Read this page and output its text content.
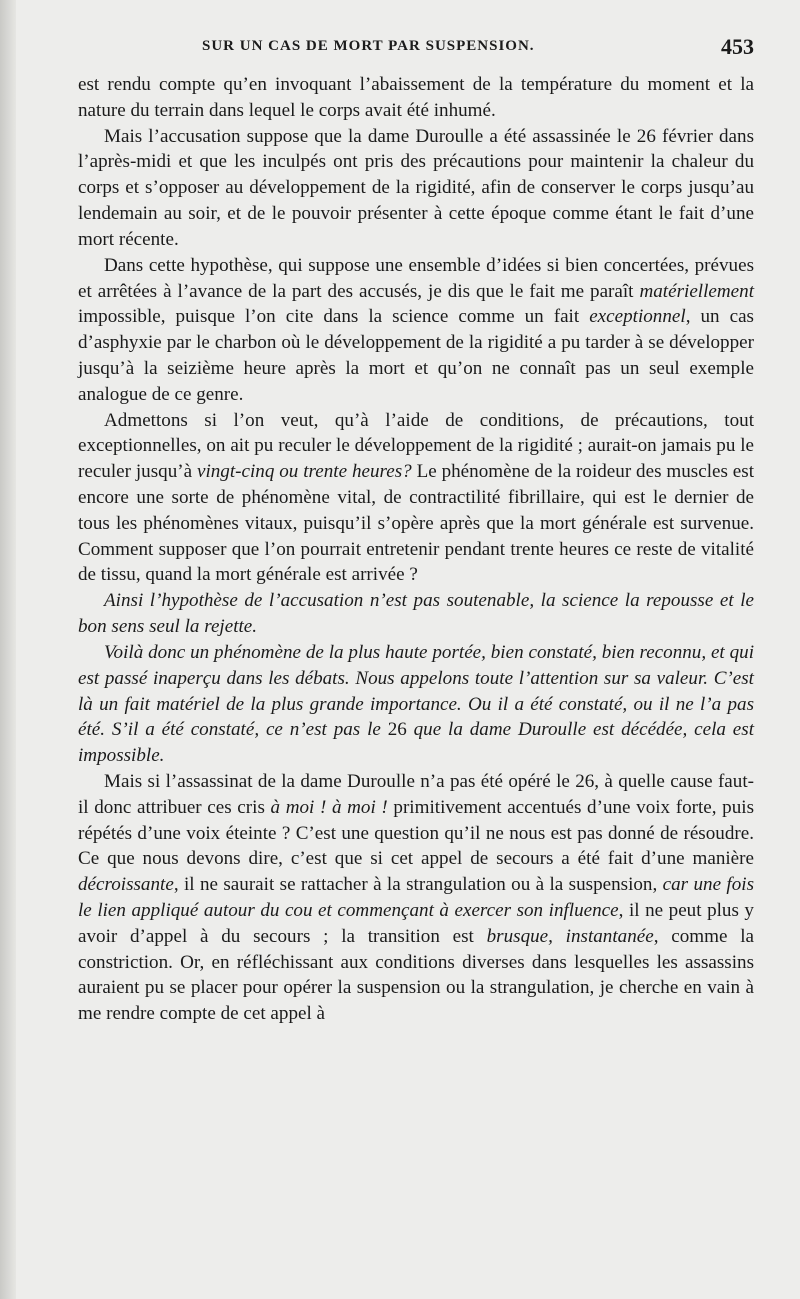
SUR UN CAS DE MORT PAR SUSPENSION.	453

est rendu compte qu’en invoquant l’abaissement de la température du moment et la nature du terrain dans lequel le corps avait été inhumé.

Mais l’accusation suppose que la dame Duroulle a été assassinée le 26 février dans l’après-midi et que les inculpés ont pris des précautions pour maintenir la chaleur du corps et s’opposer au développement de la rigidité, afin de conserver le corps jusqu’au lendemain au soir, et de le pouvoir présenter à cette époque comme étant le fait d’une mort récente.

Dans cette hypothèse, qui suppose une ensemble d’idées si bien concertées, prévues et arrêtées à l’avance de la part des accusés, je dis que le fait me paraît matériellement impossible, puisque l’on cite dans la science comme un fait exceptionnel, un cas d’asphyxie par le charbon où le développement de la rigidité a pu tarder à se développer jusqu’à la seizième heure après la mort et qu’on ne connaît pas un seul exemple analogue de ce genre.

Admettons si l’on veut, qu’à l’aide de conditions, de précautions, tout exceptionnelles, on ait pu reculer le développement de la rigidité ; aurait-on jamais pu le reculer jusqu’à vingt-cinq ou trente heures? Le phénomène de la roideur des muscles est encore une sorte de phénomène vital, de contractilité fibrillaire, qui est le dernier de tous les phénomènes vitaux, puisqu’il s’opère après que la mort générale est survenue. Comment supposer que l’on pourrait entretenir pendant trente heures ce reste de vitalité de tissu, quand la mort générale est arrivée ?

Ainsi l’hypothèse de l’accusation n’est pas soutenable, la science la repousse et le bon sens seul la rejette.

Voilà donc un phénomène de la plus haute portée, bien constaté, bien reconnu, et qui est passé inaperçu dans les débats. Nous appelons toute l’attention sur sa valeur. C’est là un fait matériel de la plus grande importance. Ou il a été constaté, ou il ne l’a pas été. S’il a été constaté, ce n’est pas le 26 que la dame Duroulle est décédée, cela est impossible.

Mais si l’assassinat de la dame Duroulle n’a pas été opéré le 26, à quelle cause faut-il donc attribuer ces cris à moi ! à moi ! primitivement accentués d’une voix forte, puis répétés d’une voix éteinte ? C’est une question qu’il ne nous est pas donné de résoudre. Ce que nous devons dire, c’est que si cet appel de secours a été fait d’une manière décroissante, il ne saurait se rattacher à la strangulation ou à la suspension, car une fois le lien appliqué autour du cou et commençant à exercer son influence, il ne peut plus y avoir d’appel à du secours ; la transition est brusque, instantanée, comme la constriction. Or, en réfléchissant aux conditions diverses dans lesquelles les assassins auraient pu se placer pour opérer la suspension ou la strangulation, je cherche en vain à me rendre compte de cet appel à
